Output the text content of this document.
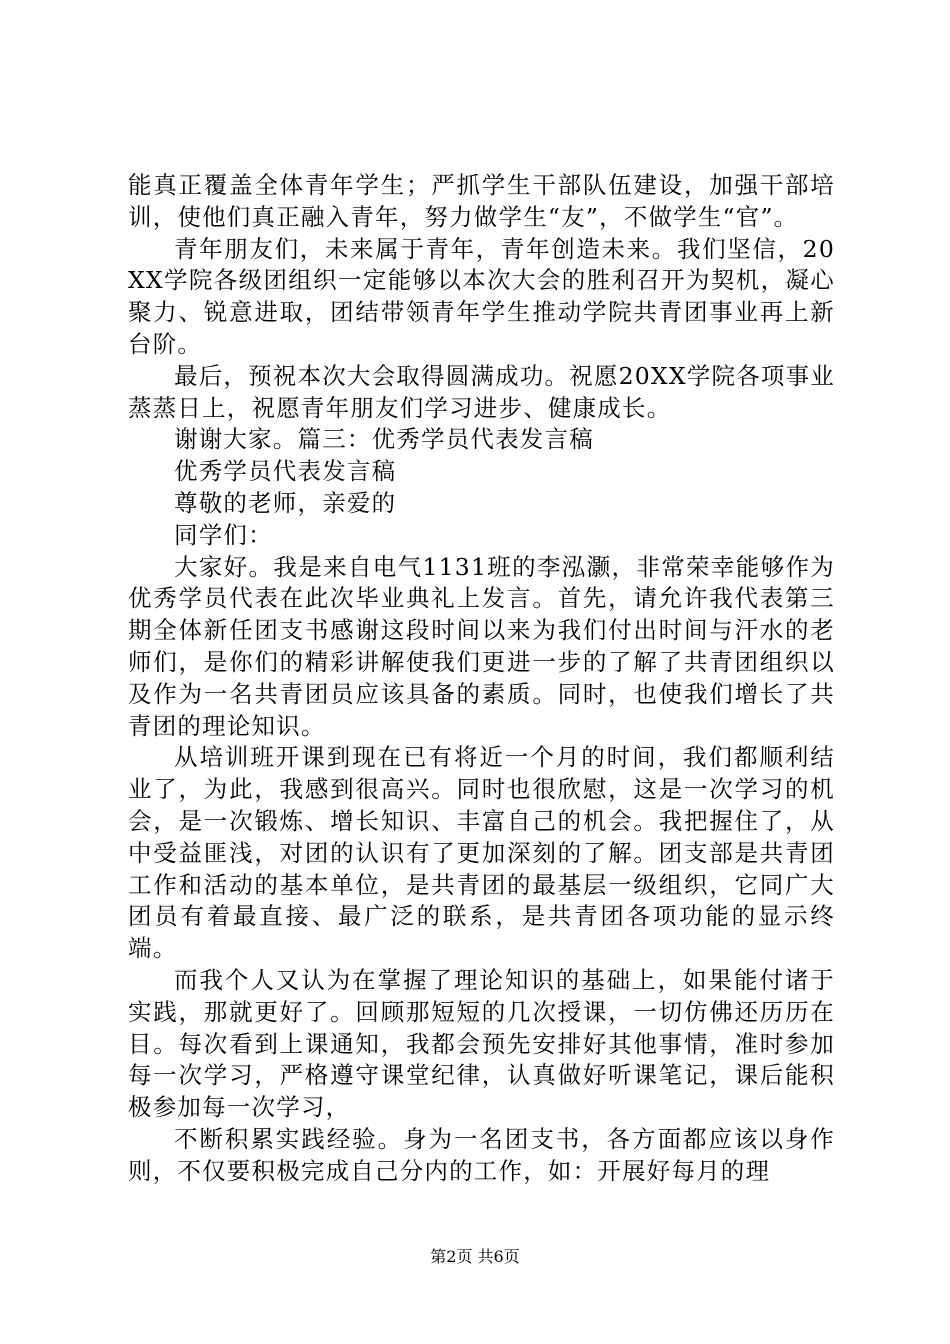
能真正覆盖全体青年学生；严抓学生干部队伍建设，加强干部培训，使他们真正融入青年，努力做学生“友”，不做学生“官”。

青年朋友们，未来属于青年，青年创造未来。我们坚信，20XX学院各级团组织一定能够以本次大会的胜利召开为契机，凝心聚力、锐意进取，团结带领青年学生推动学院共青团事业再上新台阶。

最后，预祝本次大会取得圆满成功。祝愿20XX学院各项事业蒸蒸日上，祝愿青年朋友们学习进步、健康成长。

谢谢大家。篇三：优秀学员代表发言稿

优秀学员代表发言稿

尊敬的老师，亲爱的

同学们：

大家好。我是来自电气1131班的李泓灏，非常荣幸能够作为优秀学员代表在此次毕业典礼上发言。首先，请允许我代表第三期全体新任团支书感谢这段时间以来为我们付出时间与汗水的老师们，是你们的精彩讲解使我们更进一步的了解了共青团组织以及作为一名共青团员应该具备的素质。同时，也使我们增长了共青团的理论知识。

从培训班开课到现在已有将近一个月的时间，我们都顺利结业了，为此，我感到很高兴。同时也很欣慰，这是一次学习的机会，是一次锻炼、增长知识、丰富自己的机会。我把握住了，从中受益匪浅，对团的认识有了更加深刻的了解。团支部是共青团工作和活动的基本单位，是共青团的最基层一级组织，它同广大团员有着最直接、最广泛的联系，是共青团各项功能的显示终端。

而我个人又认为在掌握了理论知识的基础上，如果能付诸于实践，那就更好了。回顾那短短的几次授课，一切仿佛还历历在目。每次看到上课通知，我都会预先安排好其他事情，准时参加每一次学习，严格遵守课堂纪律，认真做好听课笔记，课后能积极参加每一次学习，

不断积累实践经验。身为一名团支书，各方面都应该以身作则，不仅要积极完成自己分内的工作，如：开展好每月的理

第2页 共6页
